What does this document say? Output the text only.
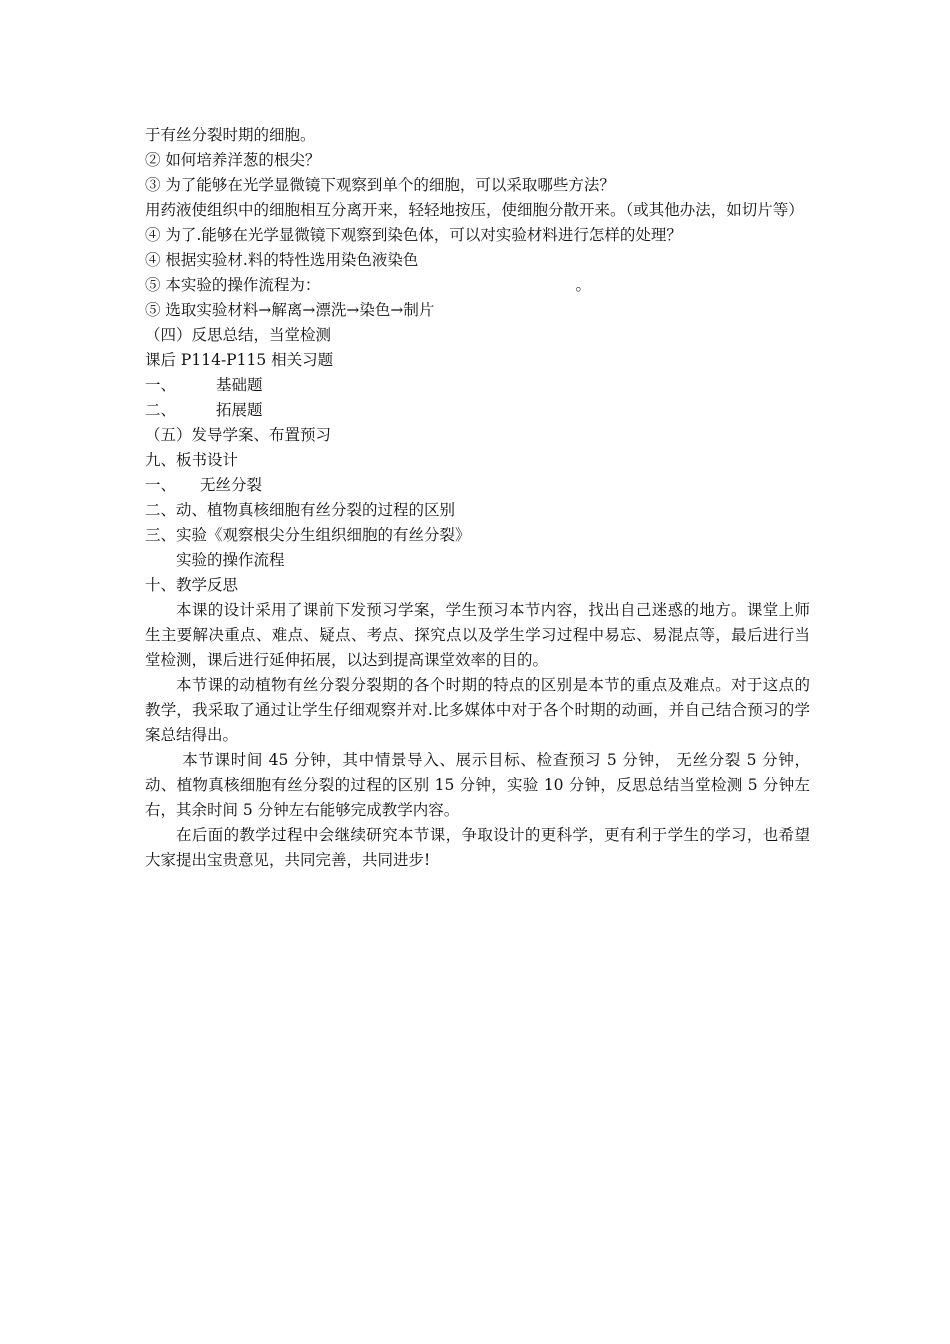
于有丝分裂时期的细胞。
② 如何培养洋葱的根尖？
③ 为了能够在光学显微镜下观察到单个的细胞，可以采取哪些方法？

用药液使组织中的细胞相互分离开来，轻轻地按压，使细胞分散开来。（或其他办法，如切片等）

④ 为了.能够在光学显微镜下观察到染色体，可以对实验材料进行怎样的处理？
④ 根据实验材.料的特性选用染色液染色
⑤ 本实验的操作流程为：	。
⑤ 选取实验材料→解离→漂洗→染色→制片
（四）反思总结，当堂检测
课后 P114-P115 相关习题
一、	基础题
二、	拓展题
（五）发导学案、布置预习
九、板书设计
一、 无丝分裂
二、动、植物真核细胞有丝分裂的过程的区别
三、实验《观察根尖分生组织细胞的有丝分裂》
实验的操作流程
十、教学反思

本课的设计采用了课前下发预习学案，学生预习本节内容，找出自己迷惑的地方。课堂上师生主要解决重点、难点、疑点、考点、探究点以及学生学习过程中易忘、易混点等，最后进行当堂检测，课后进行延伸拓展，以达到提高课堂效率的目的。

本节课的动植物有丝分裂分裂期的各个时期的特点的区别是本节的重点及难点。对于这点的教学，我采取了通过让学生仔细观察并对.比多媒体中对于各个时期的动画，并自己结合预习的学案总结得出。

本节课时间 45 分钟，其中情景导入、展示目标、检查预习 5 分钟， 无丝分裂 5 分钟，动、植物真核细胞有丝分裂的过程的区别 15 分钟，实验 10 分钟，反思总结当堂检测 5 分钟左右，其余时间 5 分钟左右能够完成教学内容。

在后面的教学过程中会继续研究本节课，争取设计的更科学，更有利于学生的学习，也希望大家提出宝贵意见，共同完善，共同进步!
